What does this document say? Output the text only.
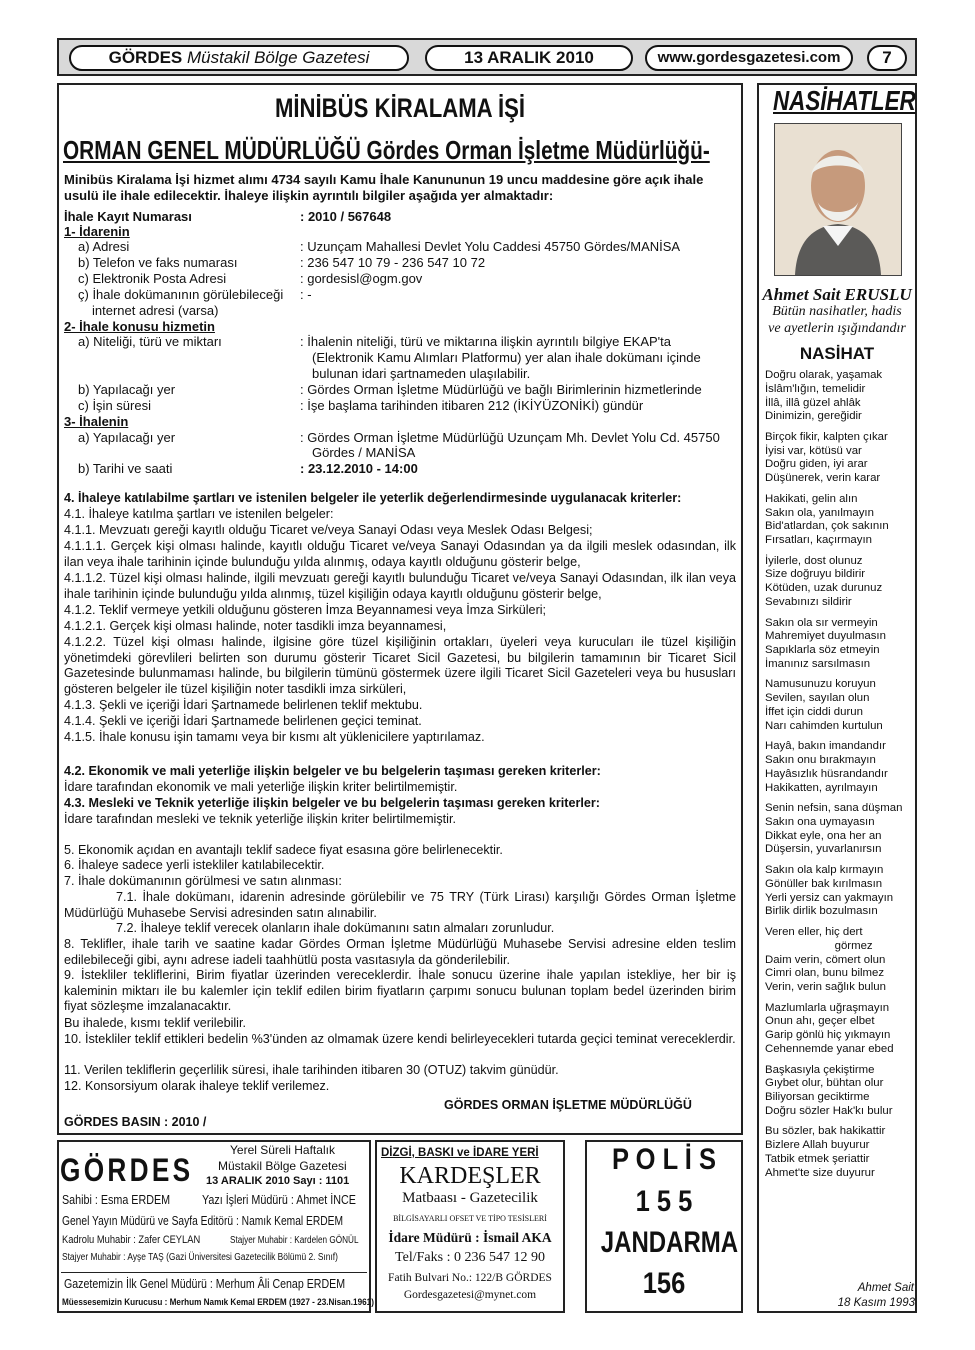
GÖRDES Müstakil Bölge Gazetesi	13 ARALIK 2010	www.gordesgazetesi.com	7
MİNİBÜS KİRALAMA İŞİ
ORMAN GENEL MÜDÜRLÜĞÜ Gördes Orman İşletme Müdürlüğü-
Minibüs Kiralama İşi hizmet alımı 4734 sayılı Kamu İhale Kanununun 19 uncu maddesine göre açık ihale
usulü ile ihale edilecektir. İhaleye ilişkin ayrıntılı bilgiler aşağıda yer almaktadır:
İhale Kayıt Numarası	: 2010 / 567648
1- İdarenin
a) Adresi	: Uzunçam Mahallesi Devlet Yolu Caddesi 45750 Gördes/MANİSA
b) Telefon ve faks numarası	: 236 547 10 79 - 236 547 10 72
c) Elektronik Posta Adresi	: gordesisl@ogm.gov
ç) İhale dokümanının görülebileceği : -
internet adresi (varsa)
2- İhale konusu hizmetin
a) Niteliği, türü ve miktarı	: İhalenin niteliği, türü ve miktarına ilişkin ayrıntılı bilgiye EKAP'ta
(Elektronik Kamu Alımları Platformu) yer alan ihale dokümanı içinde
bulunan idari şartnameden ulaşılabilir.
b) Yapılacağı yer	: Gördes Orman İşletme Müdürlüğü ve bağlı Birimlerinin hizmetlerinde
c) İşin süresi	: İşe başlama tarihinden itibaren 212 (İKİYÜZONİKİ) gündür
3- İhalenin
a) Yapılacağı yer	: Gördes Orman İşletme Müdürlüğü Uzunçam Mh. Devlet Yolu Cd. 45750
Gördes / MANİSA
b) Tarihi ve saati	: 23.12.2010 - 14:00
4. İhaleye katılabilme şartları ve istenilen belgeler ile yeterlik değerlendirmesinde uygulanacak kriterler:
4.1. İhaleye katılma şartları ve istenilen belgeler:
4.1.1. Mevzuatı gereği kayıtlı olduğu Ticaret ve/veya Sanayi Odası veya Meslek Odası Belgesi;
4.1.1.1. Gerçek kişi olması halinde, kayıtlı olduğu Ticaret ve/veya Sanayi Odasından ya da ilgili meslek odasından, ilk ilan veya ihale tarihinin içinde bulunduğu yılda alınmış, odaya kayıtlı olduğunu gösterir belge,
4.1.1.2. Tüzel kişi olması halinde, ilgili mevzuatı gereği kayıtlı bulunduğu Ticaret ve/veya Sanayi Odasından, ilk ilan veya ihale tarihinin içinde bulunduğu yılda alınmış, tüzel kişiliğin odaya kayıtlı olduğunu gösterir belge,
4.1.2. Teklif vermeye yetkili olduğunu gösteren İmza Beyannamesi veya İmza Sirküleri;
4.1.2.1. Gerçek kişi olması halinde, noter tasdikli imza beyannamesi,
4.1.2.2. Tüzel kişi olması halinde, ilgisine göre tüzel kişiliğinin ortakları, üyeleri veya kurucuları ile tüzel kişiliğin yönetimdeki görevlileri belirten son durumu gösterir Ticaret Sicil Gazetesi, bu bilgilerin tamamının bir Ticaret Sicil Gazetesinde bulunmaması halinde, bu bilgilerin tümünü göstermek üzere ilgili Ticaret Sicil Gazeteleri veya bu hususları gösteren belgeler ile tüzel kişiliğin noter tasdikli imza sirküleri,
4.1.3. Şekli ve içeriği İdari Şartnamede belirlenen teklif mektubu.
4.1.4. Şekli ve içeriği İdari Şartnamede belirlenen geçici teminat.
4.1.5. İhale konusu işin tamamı veya bir kısmı alt yüklenicilere yaptırılamaz.
4.2. Ekonomik ve mali yeterliğe ilişkin belgeler ve bu belgelerin taşıması gereken kriterler:
İdare tarafından ekonomik ve mali yeterliğe ilişkin kriter belirtilmemiştir.
4.3. Mesleki ve Teknik yeterliğe ilişkin belgeler ve bu belgelerin taşıması gereken kriterler:
İdare tarafından mesleki ve teknik yeterliğe ilişkin kriter belirtilmemiştir.
5. Ekonomik açıdan en avantajlı teklif sadece fiyat esasına göre belirlenecektir.
6. İhaleye sadece yerli istekliler katılabilecektir.
7. İhale dokümanının görülmesi ve satın alınması:
7.1. İhale dokümanı, idarenin adresinde görülebilir ve 75 TRY (Türk Lirası) karşılığı Gördes Orman İşletme Müdürlüğü Muhasebe Servisi adresinden satın alınabilir.
7.2. İhaleye teklif verecek olanların ihale dokümanını satın almaları zorunludur.
8. Teklifler, ihale tarih ve saatine kadar Gördes Orman İşletme Müdürlüğü Muhasebe Servisi adresine elden teslim edilebileceği gibi, aynı adrese iadeli taahhütlü posta vasıtasıyla da gönderilebilir.
9. İstekliler tekliflerini, Birim fiyatlar üzerinden vereceklerdir. İhale sonucu üzerine ihale yapılan istekliye, her bir iş kaleminin miktarı ile bu kalemler için teklif edilen birim fiyatların çarpımı sonucu bulunan toplam bedel üzerinden birim fiyat sözleşme imzalanacaktır.
Bu ihalede, kısmı teklif verilebilir.
10. İstekliler teklif ettikleri bedelin %3'ünden az olmamak üzere kendi belirleyecekleri tutarda geçici teminat vereceklerdir.
11. Verilen tekliflerin geçerlilik süresi, ihale tarihinden itibaren 30 (OTUZ) takvim günüdür.
12. Konsorsiyum olarak ihaleye teklif verilemez.
GÖRDES ORMAN İŞLETME MÜDÜRLÜĞÜ
GÖRDES BASIN : 2010 /
GÖRDES
Yerel Süreli Haftalık
Müstakil Bölge Gazetesi
13 ARALIK 2010 Sayı : 1101
Sahibi : Esma ERDEM	Yazı İşleri Müdürü : Ahmet İNCE
Genel Yayın Müdürü ve Sayfa Editörü : Namık Kemal ERDEM
Kadrolu Muhabir : Zafer CEYLAN	Stajyer Muhabir : Kardelen GÖNÜL
Stajyer Muhabir : Ayşe TAŞ (Gazi Üniversitesi Gazetecilik Bölümü 2. Sınıf)
Gazetemizin İlk Genel Müdürü : Merhum Âli Cenap ERDEM
Müessesemizin Kurucusu : Merhum Namık Kemal ERDEM (1927 - 23.Nisan.1961)
DİZGİ, BASKI ve İDARE YERİ
KARDEŞLER
Matbaası - Gazetecilik
BİLGİSAYARLI OFSET VE TİPO TESİSLERİ
İdare Müdürü : İsmail AKA
Tel/Faks : 0 236 547 12 90
Fatih Bulvari No.: 122/B GÖRDES
Gordesgazetesi@mynet.com
P O L İ S
1 5 5
JANDARMA
156
NASİHATLER
Ahmet Sait ERUSLU
Bütün nasihatler, hadis
ve ayetlerin ışığındandır
NASİHAT
Doğru olarak, yaşamak
İslâm'lığın, temelidir
İllâ, illâ güzel ahlâk
Dinimizin, gereğidir
Birçok fikir, kalpten çıkar
İyisi var, kötüsü var
Doğru giden, iyi arar
Düşünerek, verin karar
Hakikati, gelin alın
Sakın ola, yanılmayın
Bid'atlardan, çok sakının
Fırsatları, kaçırmayın
İyilerle, dost olunuz
Size doğruyu bildirir
Kötüden, uzak durunuz
Sevabınızı sildirir
Sakın ola sır vermeyin
Mahremiyet duyulmasın
Sapıklarla söz etmeyin
İmanınız sarsılmasın
Namusunuzu koruyun
Sevilen, sayılan olun
İffet için ciddi durun
Narı cahimden kurtulun
Hayâ, bakın imandandır
Sakın onu bırakmayın
Hayâsızlık hüsrandandır
Hakikatten, ayrılmayın
Senin nefsin, sana düşman
Sakın ona uymayasın
Dikkat eyle, ona her an
Düşersin, yuvarlanırsın
Sakın ola kalp kırmayın
Gönüller bak kırılmasın
Yerli yersiz can yakmayın
Birlik dirlik bozulmasın
Veren eller, hiç dert
görmez
Daim verin, cömert olun
Cimri olan, bunu bilmez
Verin, verin sağlık bulun
Mazlumlarla uğraşmayın
Onun ahı, geçer elbet
Garip gönlü hiç yıkmayın
Cehennemde yanar ebed
Başkasıyla çekiştirme
Gıybet olur, bühtan olur
Biliyorsan geciktirme
Doğru sözler Hak'kı bulur
Bu sözler, bak hakikattir
Bizlere Allah buyurur
Tatbik etmek şeriattir
Ahmet'te size duyurur
Ahmet Sait
18 Kasım 1993
